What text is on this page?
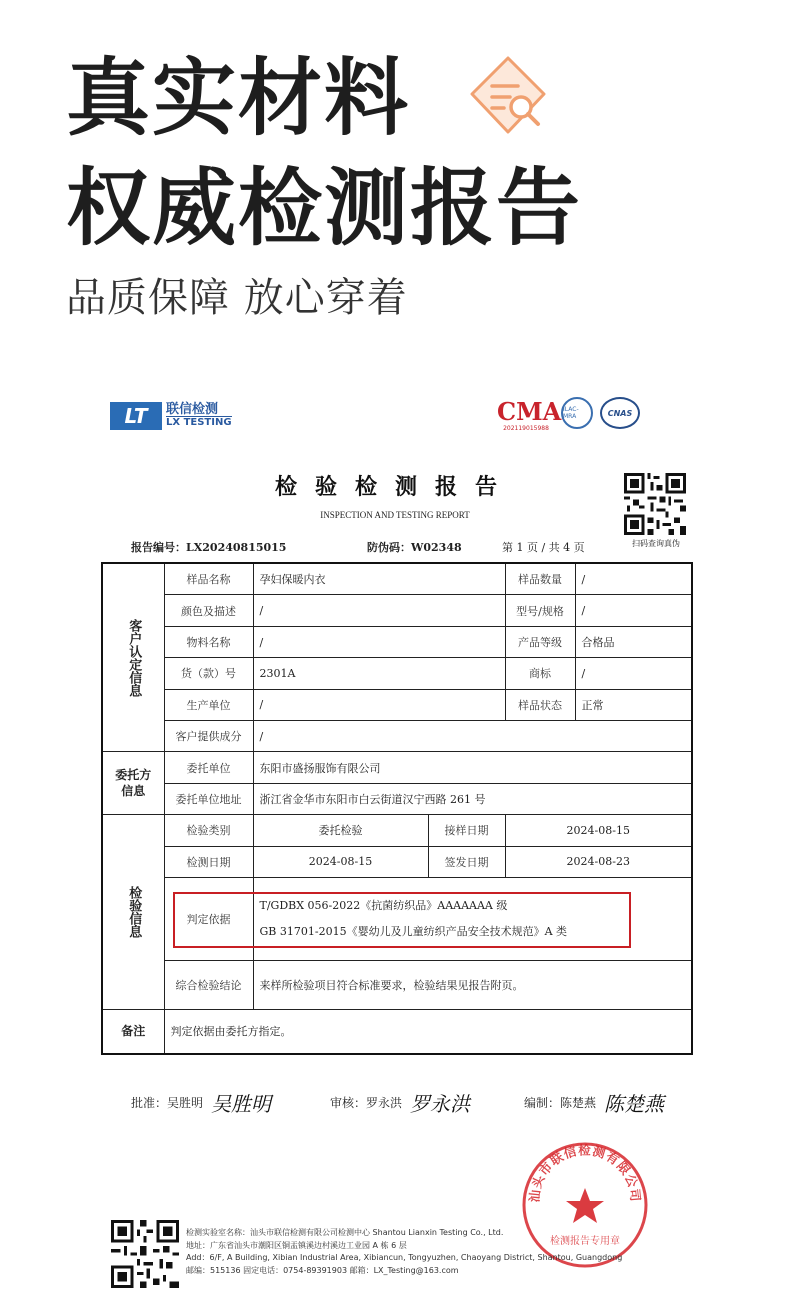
真实材料
权威检测报告
品质保障 放心穿着
LT	联信检测
LX TESTING	CMA
202119015988
ILAC-MRA	CNAS
检验检测报告
INSPECTION AND TESTING REPORT
扫码查询真伪
报告编号：LX20240815015	防伪码：W02348	第 1 页 / 共 4 页
客户认定信息	样品名称	孕妇保暖内衣		样品数量	/
	颜色及描述	/		型号/规格	/
	物料名称	/		产品等级	合格品
	货（款）号	2301A		商标	/
	生产单位	/		样品状态	正常
	客户提供成分	/			
委托方信息	委托单位	东阳市盛扬服饰有限公司			
	委托单位地址	浙江省金华市东阳市白云街道汉宁西路 261 号			
检验信息	检验类别	委托检验	接样日期	2024-08-15	
	检测日期	2024-08-15	签发日期	2024-08-23	
	判定依据	T/GDBX 056-2022《抗菌纺织品》AAAAAAA 级
GB 31701-2015《婴幼儿及儿童纺织产品安全技术规范》A 类			

	综合检验结论	来样所检验项目符合标准要求，检验结果见报告附页。			
备注	判定依据由委托方指定。				
批准：吴胜明 吴胜明	审核：罗永洪 罗永洪	编制：陈楚燕 陈楚燕
汕头市联信检测有限公司
检测报告专用章
检测实验室名称：汕头市联信检测有限公司检测中心 Shantou Lianxin Testing Co., Ltd.
地址：广东省汕头市潮阳区铜盂镇溪边村溪边工业园 A 栋 6 层
Add：6/F, A Building, Xibian Industrial Area, Xibiancun, Tongyuzhen, Chaoyang District, Shantou, Guangdong
邮编：515136 固定电话：0754-89391903 邮箱：LX_Testing@163.com
